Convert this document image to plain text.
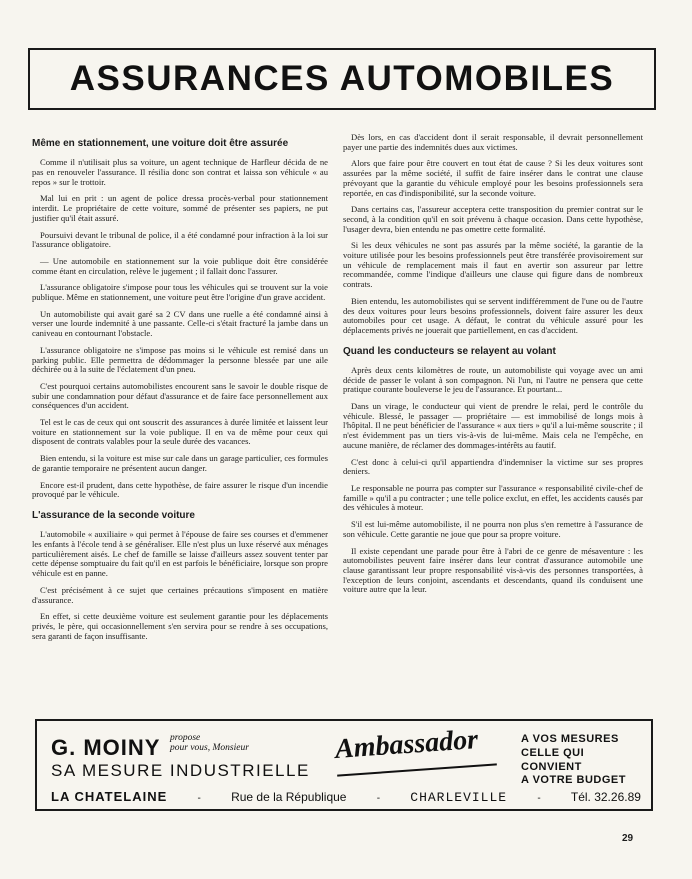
ASSURANCES AUTOMOBILES
Même en stationnement, une voiture doit être assurée

Comme il n'utilisait plus sa voiture, un agent technique de Harfleur décida de ne pas en renouveler l'assurance. Il résilia donc son contrat et laissa son véhicule « au repos » sur le trottoir.

Mal lui en prit : un agent de police dressa procès-verbal pour stationnement interdit. Le propriétaire de cette voiture, sommé de présenter ses papiers, ne put justifier qu'il était assuré.

Poursuivi devant le tribunal de police, il a été condamné pour infraction à la loi sur l'assurance obligatoire.

— Une automobile en stationnement sur la voie publique doit être considérée comme étant en circulation, relève le jugement ; il fallait donc l'assurer.

L'assurance obligatoire s'impose pour tous les véhicules qui se trouvent sur la voie publique. Même en stationnement, une voiture peut être l'origine d'un grave accident.

Un automobiliste qui avait garé sa 2 CV dans une ruelle a été condamné ainsi à verser une lourde indemnité à une passante. Celle-ci s'était fracturé la jambe dans un caniveau en contournant l'obstacle.

L'assurance obligatoire ne s'impose pas moins si le véhicule est remisé dans un parking public. Elle permettra de dédommager la personne blessée par une aile déchirée ou à la suite de l'éclatement d'un pneu.

C'est pourquoi certains automobilistes encourent sans le savoir le double risque de subir une condamnation pour défaut d'assurance et de faire face personnellement aux conséquences d'un accident.

Tel est le cas de ceux qui ont souscrit des assurances à durée limitée et laissent leur voiture en stationnement sur la voie publique. Il en va de même pour ceux qui disposent de contrats valables pour la seule durée des vacances.

Bien entendu, si la voiture est mise sur cale dans un garage particulier, ces formules de garantie temporaire ne présentent aucun danger.

Encore est-il prudent, dans cette hypothèse, de faire assurer le risque d'un incendie provoqué par le véhicule.

L'assurance de la seconde voiture

L'automobile « auxiliaire » qui permet à l'épouse de faire ses courses et d'emmener les enfants à l'école tend à se généraliser. Elle n'est plus un luxe réservé aux ménages particulièrement aisés. Le chef de famille se laisse d'ailleurs assez souvent tenter par cette dépense somptuaire du fait qu'il en est parfois le bénéficiaire, lorsque son propre véhicule est en panne.

C'est précisément à ce sujet que certaines précautions s'imposent en matière d'assurance.

En effet, si cette deuxième voiture est seulement garantie pour les déplacements privés, le père, qui occasionnellement s'en servira pour se rendre à ses occupations, sera garanti de façon insuffisante.

Dès lors, en cas d'accident dont il serait responsable, il devrait personnellement payer une partie des indemnités dues aux victimes.

Alors que faire pour être couvert en tout état de cause ? Si les deux voitures sont assurées par la même société, il suffit de faire insérer dans le contrat une clause prévoyant que la garantie du véhicule employé pour les besoins professionnels sera reportée, en cas d'indisponibilité, sur la seconde voiture.

Dans certains cas, l'assureur acceptera cette transposition du premier contrat sur le second, à la condition qu'il en soit prévenu à chaque occasion. Dans cette hypothèse, l'usager devra, bien entendu ne pas omettre cette formalité.

Si les deux véhicules ne sont pas assurés par la même société, la garantie de la voiture utilisée pour les besoins professionnels peut être transférée provisoirement sur un véhicule de remplacement mais il faut en avertir son assureur par lettre recommandée, comme l'indique d'ailleurs une clause qui figure dans de nombreux contrats.

Bien entendu, les automobilistes qui se servent indifféremment de l'une ou de l'autre des deux voitures pour leurs besoins professionnels, doivent faire assurer les deux automobiles pour cet usage. A défaut, le contrat du véhicule assuré pour les déplacements privés ne jouerait que partiellement, en cas d'accident.

Quand les conducteurs se relayent au volant

Après deux cents kilomètres de route, un automobiliste qui voyage avec un ami décide de passer le volant à son compagnon. Ni l'un, ni l'autre ne pensera que cette pratique courante bouleverse le jeu de l'assurance. Et pourtant...

Dans un virage, le conducteur qui vient de prendre le relai, perd le contrôle du véhicule. Blessé, le passager — propriétaire — est immobilisé de longs mois à l'hôpital. Il ne peut bénéficier de l'assurance « aux tiers » qu'il a lui-même souscrite ; il n'est évidemment pas un tiers vis-à-vis de lui-même. Mais cela ne l'empêche, en aucune manière, de réclamer des dommages-intérêts au fautif.

C'est donc à celui-ci qu'il appartiendra d'indemniser la victime sur ses propres deniers.

Le responsable ne pourra pas compter sur l'assurance « responsabilité civile-chef de famille » qu'il a pu contracter ; une telle police exclut, en effet, les accidents causés par des véhicules à moteur.

S'il est lui-même automobiliste, il ne pourra non plus s'en remettre à l'assurance de son véhicule. Cette garantie ne joue que pour sa propre voiture.

Il existe cependant une parade pour être à l'abri de ce genre de mésaventure : les automobilistes peuvent faire insérer dans leur contrat d'assurance automobile une clause garantissant leur propre responsabilité vis-à-vis des personnes transportées, à l'exception de leurs conjoint, ascendants et descendants, quand ils conduisent une voiture autre que la leur.

G. MOINY propose
pour vous, Monsieur
SA MESURE INDUSTRIELLE
Ambassador	A VOS MESURES
CELLE QUI CONVIENT
A VOTRE BUDGET
LA CHATELAINE	-	Rue de la République	- CHARLEVILLE	-	Tél. 32.26.89
29
